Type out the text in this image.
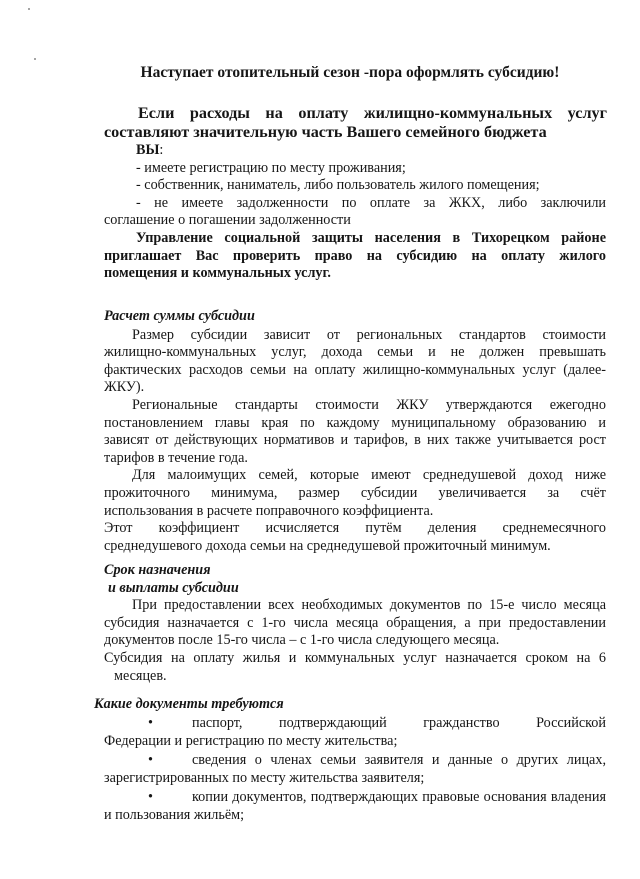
Наступает отопительный сезон -пора оформлять субсидию!
Если расходы на оплату жилищно-коммунальных услуг
составляют значительную часть Вашего семейного бюджета
ВЫ:
- имеете регистрацию по месту проживания;
- собственник, наниматель, либо пользователь жилого помещения;
- не имеете задолженности по оплате за ЖКХ, либо заключили
соглашение о погашении задолженности
Управление социальной защиты населения в Тихорецком районе
приглашает Вас проверить право на субсидию на оплату жилого
помещения и коммунальных услуг.
Расчет суммы субсидии
Размер субсидии зависит от региональных стандартов стоимости
жилищно-коммунальных услуг, дохода семьи и не должен превышать
фактических расходов семьи на оплату жилищно-коммунальных услуг (далее-
ЖКУ).
Региональные стандарты стоимости ЖКУ утверждаются ежегодно
постановлением главы края по каждому муниципальному образованию и
зависят от действующих нормативов и тарифов, в них также учитывается рост
тарифов в течение года.
Для малоимущих семей, которые имеют среднедушевой доход ниже
прожиточного минимума, размер субсидии увеличивается за счёт
использования в расчете поправочного коэффициента.
Этот коэффициент исчисляется путём деления среднемесячного
среднедушевого дохода семьи на среднедушевой прожиточный минимум.
Срок назначения
и выплаты субсидии
При предоставлении всех необходимых документов по 15-е число месяца
субсидия назначается с 1-го числа месяца обращения, а при предоставлении
документов после 15-го числа – с 1-го числа следующего месяца.
Субсидия на оплату жилья и коммунальных услуг назначается сроком на 6
месяцев.
Какие документы требуются
•	паспорт, подтверждающий гражданство Российской
Федерации и регистрацию по месту жительства;
•	сведения о членах семьи заявителя и данные о других лицах,
зарегистрированных по месту жительства заявителя;
•	копии документов, подтверждающих правовые основания владения
и пользования жильём;
